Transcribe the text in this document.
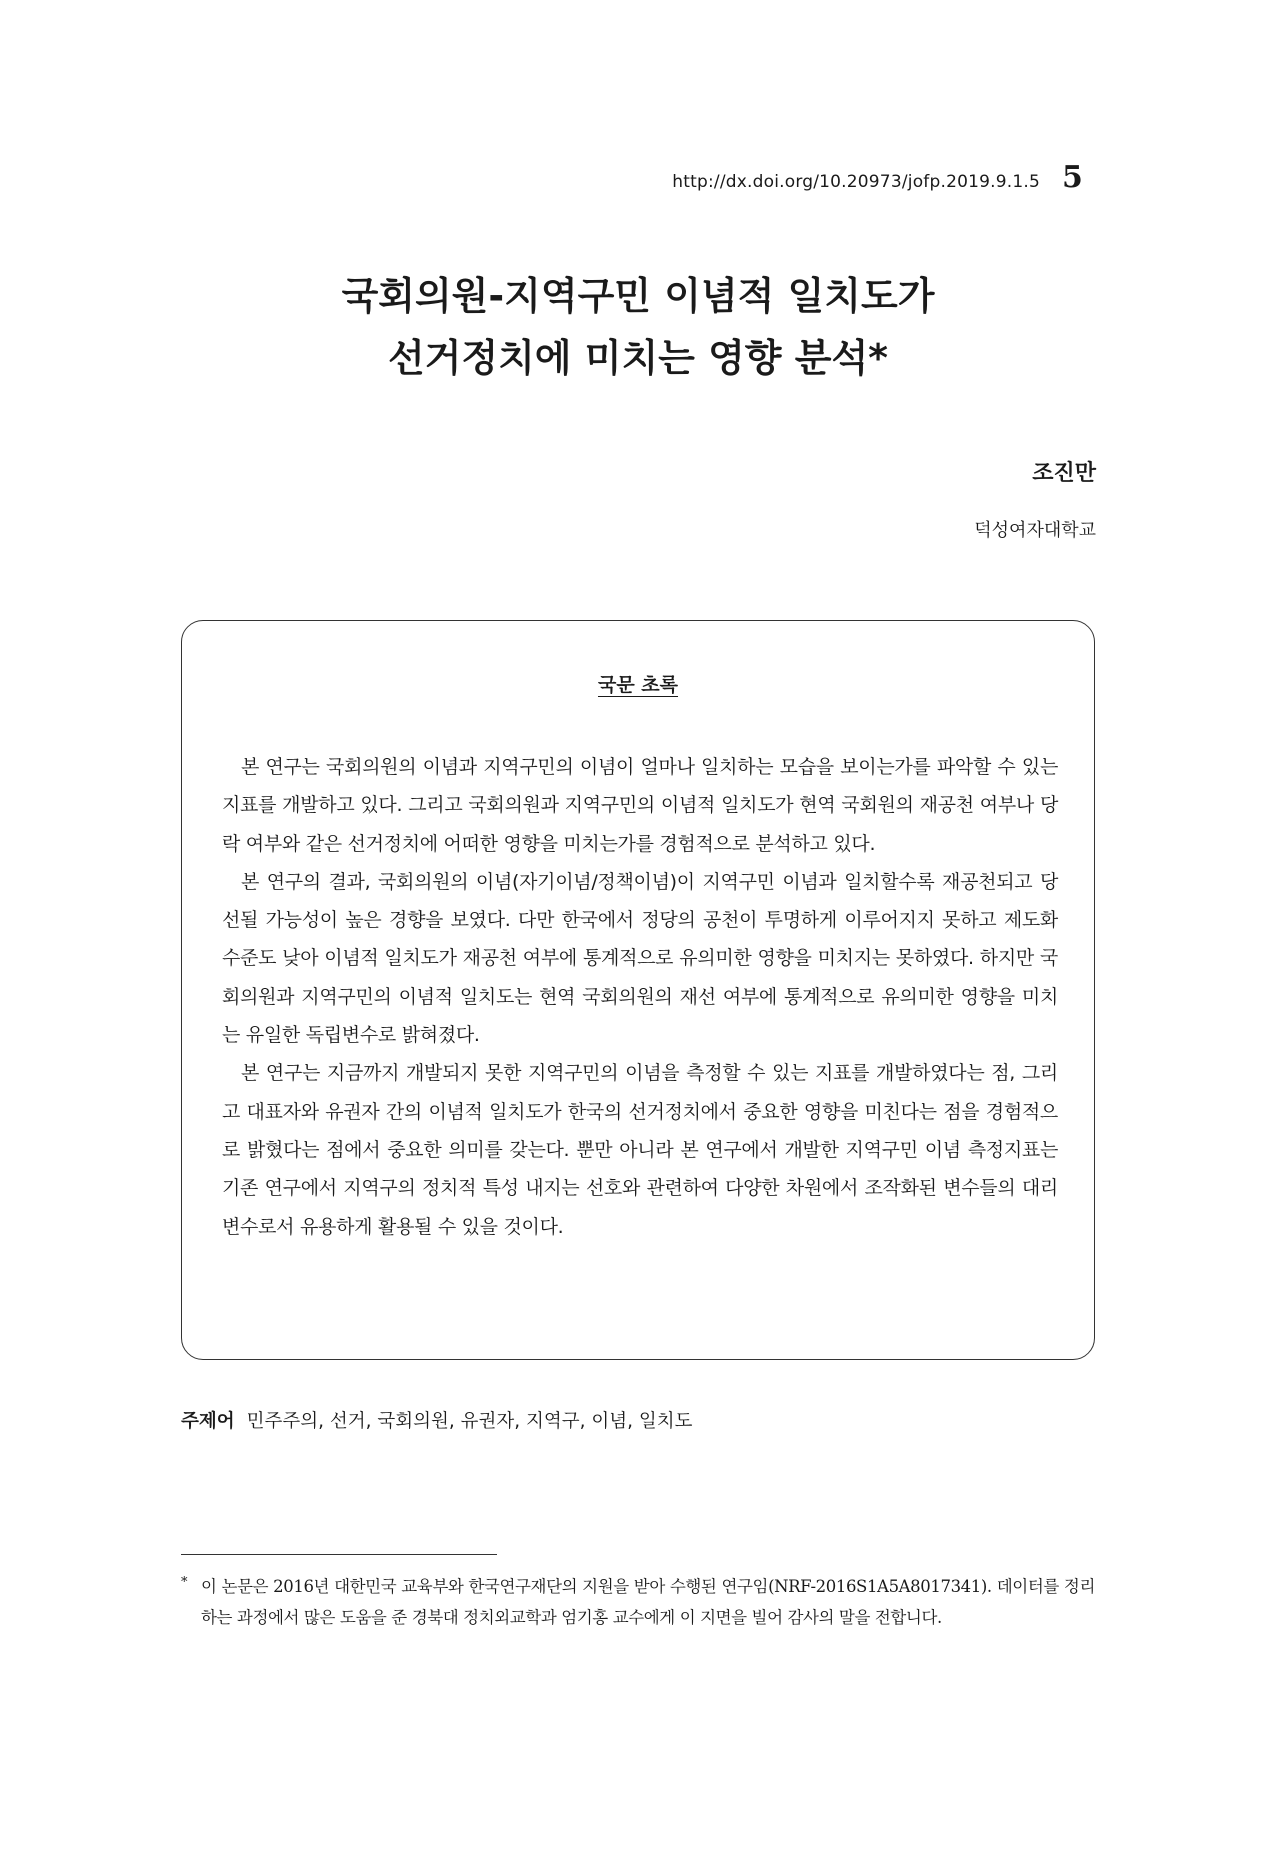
http://dx.doi.org/10.20973/jofp.2019.9.1.5 5
국회의원-지역구민 이념적 일치도가
선거정치에 미치는 영향 분석*
조진만
덕성여자대학교
국문 초록

본 연구는 국회의원의 이념과 지역구민의 이념이 얼마나 일치하는 모습을 보이는가를 파악할 수 있는 지표를 개발하고 있다. 그리고 국회의원과 지역구민의 이념적 일치도가 현역 국회원의 재공천 여부나 당락 여부와 같은 선거정치에 어떠한 영향을 미치는가를 경험적으로 분석하고 있다.

본 연구의 결과, 국회의원의 이념(자기이념/정책이념)이 지역구민 이념과 일치할수록 재공천되고 당선될 가능성이 높은 경향을 보였다. 다만 한국에서 정당의 공천이 투명하게 이루어지지 못하고 제도화 수준도 낮아 이념적 일치도가 재공천 여부에 통계적으로 유의미한 영향을 미치지는 못하였다. 하지만 국회의원과 지역구민의 이념적 일치도는 현역 국회의원의 재선 여부에 통계적으로 유의미한 영향을 미치는 유일한 독립변수로 밝혀졌다.

본 연구는 지금까지 개발되지 못한 지역구민의 이념을 측정할 수 있는 지표를 개발하였다는 점, 그리고 대표자와 유권자 간의 이념적 일치도가 한국의 선거정치에서 중요한 영향을 미친다는 점을 경험적으로 밝혔다는 점에서 중요한 의미를 갖는다. 뿐만 아니라 본 연구에서 개발한 지역구민 이념 측정지표는 기존 연구에서 지역구의 정치적 특성 내지는 선호와 관련하여 다양한 차원에서 조작화된 변수들의 대리변수로서 유용하게 활용될 수 있을 것이다.

주제어 민주주의, 선거, 국회의원, 유권자, 지역구, 이념, 일치도
* 이 논문은 2016년 대한민국 교육부와 한국연구재단의 지원을 받아 수행된 연구임(NRF-2016S1A5A8017341). 데이터를 정리하는 과정에서 많은 도움을 준 경북대 정치외교학과 엄기홍 교수에게 이 지면을 빌어 감사의 말을 전합니다.
